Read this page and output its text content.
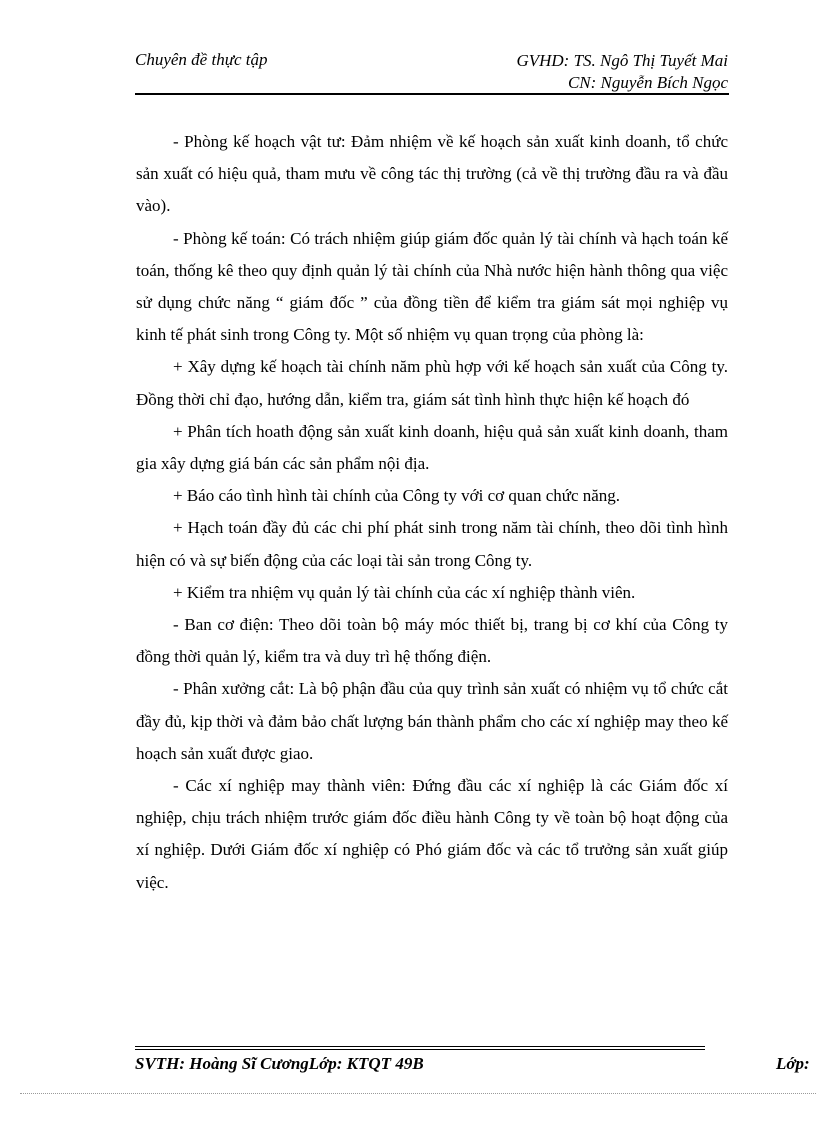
Chuyên đề thực tập	GVHD: TS. Ngô Thị Tuyết Mai
CN: Nguyễn Bích Ngọc

- Phòng kế hoạch vật tư: Đảm nhiệm về kế hoạch sản xuất kinh doanh, tổ chức sản xuất có hiệu quả, tham mưu về công tác thị trường (cả về thị trường đầu ra và đầu vào).

- Phòng kế toán: Có trách nhiệm giúp giám đốc quản lý tài chính và hạch toán kế toán, thống kê theo quy định quản lý tài chính của Nhà nước hiện hành thông qua việc sử dụng chức năng “ giám đốc ” của đồng tiền để kiểm tra giám sát mọi nghiệp vụ kinh tế phát sinh trong Công ty. Một số nhiệm vụ quan trọng của phòng là:

+ Xây dựng kế hoạch tài chính năm phù hợp với kế hoạch sản xuất của Công ty. Đồng thời chỉ đạo, hướng dẫn, kiểm tra, giám sát tình hình thực hiện kế hoạch đó

+ Phân tích hoath động sản xuất kinh doanh, hiệu quả sản xuất kinh doanh, tham gia xây dựng giá bán các sản phẩm nội địa.

+ Báo cáo tình hình tài chính của Công ty với cơ quan chức năng.

+ Hạch toán đầy đủ các chi phí phát sinh trong năm tài chính, theo dõi tình hình hiện có và sự biến động của các loại tài sản trong Công ty.

+ Kiểm tra nhiệm vụ quản lý tài chính của các xí nghiệp thành viên.

- Ban cơ điện: Theo dõi toàn bộ máy móc thiết bị, trang bị cơ khí của Công ty đồng thời quản lý, kiểm tra và duy trì hệ thống điện.

- Phân xưởng cắt: Là bộ phận đầu của quy trình sản xuất có nhiệm vụ tổ chức cắt đầy đủ, kịp thời và đảm bảo chất lượng bán thành phẩm cho các xí nghiệp may theo kế hoạch sản xuất được giao.

- Các xí nghiệp may thành viên: Đứng đầu các xí nghiệp là các Giám đốc xí nghiệp, chịu trách nhiệm trước giám đốc điều hành Công ty về toàn bộ hoạt động của xí nghiệp. Dưới Giám đốc xí nghiệp có Phó giám đốc và các tổ trưởng sản xuất giúp việc.

SVTH: Hoàng Sĩ CươngLớp: KTQT 49B	Lớp:
